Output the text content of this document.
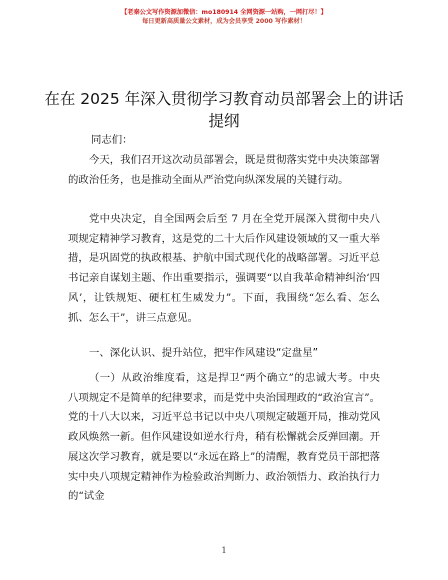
【老秦公文写作资源加微信：mo180914 全网资源一站购，一网打尽！】
每日更新高质量公文素材，成为会员享受 2000 写作素材！
在在 2025 年深入贯彻学习教育动员部署会上的讲话提纲
同志们：

今天，我们召开这次动员部署会，既是贯彻落实党中央决策部署的政治任务，也是推动全面从严治党向纵深发展的关键行动。

党中央决定，自全国两会后至 7 月在全党开展深入贯彻中央八项规定精神学习教育，这是党的二十大后作风建设领域的又一重大举措，是巩固党的执政根基、护航中国式现代化的战略部署。习近平总书记亲自谋划主题、作出重要指示，强调要“以自我革命精神纠治‘四风’，让铁规矩、硬杠杠生威发力”。下面，我围绕“怎么看、怎么抓、怎么干”，讲三点意见。

一、深化认识、提升站位，把牢作风建设“定盘星”

（一）从政治维度看，这是捍卫“两个确立”的忠诚大考。中央八项规定不是简单的纪律要求，而是党中央治国理政的“政治宣言”。党的十八大以来，习近平总书记以中央八项规定破题开局，推动党风政风焕然一新。但作风建设如逆水行舟，稍有松懈就会反弹回潮。开展这次学习教育，就是要以“永远在路上”的清醒，教育党员干部把落实中央八项规定精神作为检验政治判断力、政治领悟力、政治执行力的“试金

1
